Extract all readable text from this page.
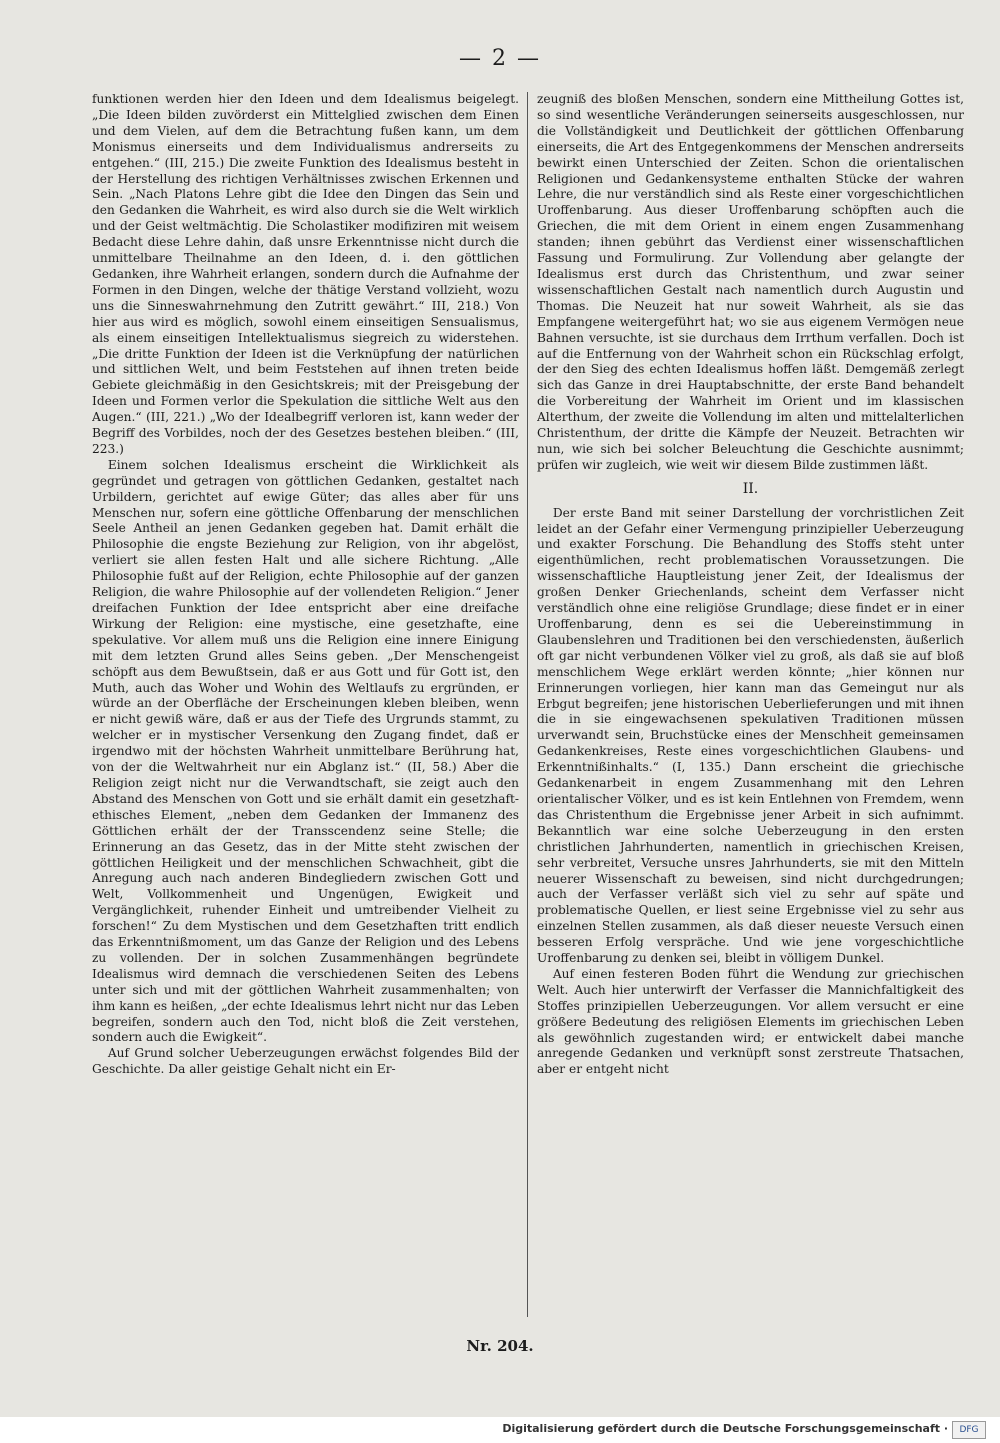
— 2 —

funktionen werden hier den Ideen und dem Idealismus beigelegt. „Die Ideen bilden zuvörderst ein Mittelglied zwischen dem Einen und dem Vielen, auf dem die Betrachtung fußen kann, um dem Monismus einerseits und dem Individualismus andrerseits zu entgehen.“ (III, 215.) Die zweite Funktion des Idealismus besteht in der Herstellung des richtigen Verhältnisses zwischen Erkennen und Sein. „Nach Platons Lehre gibt die Idee den Dingen das Sein und den Gedanken die Wahrheit, es wird also durch sie die Welt wirklich und der Geist weltmächtig. Die Scholastiker modifiziren mit weisem Bedacht diese Lehre dahin, daß unsre Erkenntnisse nicht durch die unmittelbare Theilnahme an den Ideen, d. i. den göttlichen Gedanken, ihre Wahrheit erlangen, sondern durch die Aufnahme der Formen in den Dingen, welche der thätige Verstand vollzieht, wozu uns die Sinneswahrnehmung den Zutritt gewährt.“ III, 218.) Von hier aus wird es möglich, sowohl einem einseitigen Sensualismus, als einem einseitigen Intellektualismus siegreich zu widerstehen. „Die dritte Funktion der Ideen ist die Verknüpfung der natürlichen und sittlichen Welt, und beim Feststehen auf ihnen treten beide Gebiete gleichmäßig in den Gesichtskreis; mit der Preisgebung der Ideen und Formen verlor die Spekulation die sittliche Welt aus den Augen.“ (III, 221.) „Wo der Idealbegriff verloren ist, kann weder der Begriff des Vorbildes, noch der des Gesetzes bestehen bleiben.“ (III, 223.)

Einem solchen Idealismus erscheint die Wirklichkeit als gegründet und getragen von göttlichen Gedanken, gestaltet nach Urbildern, gerichtet auf ewige Güter; das alles aber für uns Menschen nur, sofern eine göttliche Offenbarung der menschlichen Seele Antheil an jenen Gedanken gegeben hat. Damit erhält die Philosophie die engste Beziehung zur Religion, von ihr abgelöst, verliert sie allen festen Halt und alle sichere Richtung. „Alle Philosophie fußt auf der Religion, echte Philosophie auf der ganzen Religion, die wahre Philosophie auf der vollendeten Religion.“ Jener dreifachen Funktion der Idee entspricht aber eine dreifache Wirkung der Religion: eine mystische, eine gesetzhafte, eine spekulative. Vor allem muß uns die Religion eine innere Einigung mit dem letzten Grund alles Seins geben. „Der Menschengeist schöpft aus dem Bewußtsein, daß er aus Gott und für Gott ist, den Muth, auch das Woher und Wohin des Weltlaufs zu ergründen, er würde an der Oberfläche der Erscheinungen kleben bleiben, wenn er nicht gewiß wäre, daß er aus der Tiefe des Urgrunds stammt, zu welcher er in mystischer Versenkung den Zugang findet, daß er irgendwo mit der höchsten Wahrheit unmittelbare Berührung hat, von der die Weltwahrheit nur ein Abglanz ist.“ (II, 58.) Aber die Religion zeigt nicht nur die Verwandtschaft, sie zeigt auch den Abstand des Menschen von Gott und sie erhält damit ein gesetzhaft-ethisches Element, „neben dem Gedanken der Immanenz des Göttlichen erhält der der Transscendenz seine Stelle; die Erinnerung an das Gesetz, das in der Mitte steht zwischen der göttlichen Heiligkeit und der menschlichen Schwachheit, gibt die Anregung auch nach anderen Bindegliedern zwischen Gott und Welt, Vollkommenheit und Ungenügen, Ewigkeit und Vergänglichkeit, ruhender Einheit und umtreibender Vielheit zu forschen!“ Zu dem Mystischen und dem Gesetzhaften tritt endlich das Erkenntnißmoment, um das Ganze der Religion und des Lebens zu vollenden. Der in solchen Zusammenhängen begründete Idealismus wird demnach die verschiedenen Seiten des Lebens unter sich und mit der göttlichen Wahrheit zusammenhalten; von ihm kann es heißen, „der echte Idealismus lehrt nicht nur das Leben begreifen, sondern auch den Tod, nicht bloß die Zeit verstehen, sondern auch die Ewigkeit“.

Auf Grund solcher Ueberzeugungen erwächst folgendes Bild der Geschichte. Da aller geistige Gehalt nicht ein Er-

zeugniß des bloßen Menschen, sondern eine Mittheilung Gottes ist, so sind wesentliche Veränderungen seinerseits ausgeschlossen, nur die Vollständigkeit und Deutlichkeit der göttlichen Offenbarung einerseits, die Art des Entgegenkommens der Menschen andrerseits bewirkt einen Unterschied der Zeiten. Schon die orientalischen Religionen und Gedankensysteme enthalten Stücke der wahren Lehre, die nur verständlich sind als Reste einer vorgeschichtlichen Uroffenbarung. Aus dieser Uroffenbarung schöpften auch die Griechen, die mit dem Orient in einem engen Zusammenhang standen; ihnen gebührt das Verdienst einer wissenschaftlichen Fassung und Formulirung. Zur Vollendung aber gelangte der Idealismus erst durch das Christenthum, und zwar seiner wissenschaftlichen Gestalt nach namentlich durch Augustin und Thomas. Die Neuzeit hat nur soweit Wahrheit, als sie das Empfangene weitergeführt hat; wo sie aus eigenem Vermögen neue Bahnen versuchte, ist sie durchaus dem Irrthum verfallen. Doch ist auf die Entfernung von der Wahrheit schon ein Rückschlag erfolgt, der den Sieg des echten Idealismus hoffen läßt. Demgemäß zerlegt sich das Ganze in drei Hauptabschnitte, der erste Band behandelt die Vorbereitung der Wahrheit im Orient und im klassischen Alterthum, der zweite die Vollendung im alten und mittelalterlichen Christenthum, der dritte die Kämpfe der Neuzeit. Betrachten wir nun, wie sich bei solcher Beleuchtung die Geschichte ausnimmt; prüfen wir zugleich, wie weit wir diesem Bilde zustimmen läßt.

II.

Der erste Band mit seiner Darstellung der vorchristlichen Zeit leidet an der Gefahr einer Vermengung prinzipieller Ueberzeugung und exakter Forschung. Die Behandlung des Stoffs steht unter eigenthümlichen, recht problematischen Voraussetzungen. Die wissenschaftliche Hauptleistung jener Zeit, der Idealismus der großen Denker Griechenlands, scheint dem Verfasser nicht verständlich ohne eine religiöse Grundlage; diese findet er in einer Uroffenbarung, denn es sei die Uebereinstimmung in Glaubenslehren und Traditionen bei den verschiedensten, äußerlich oft gar nicht verbundenen Völker viel zu groß, als daß sie auf bloß menschlichem Wege erklärt werden könnte; „hier können nur Erinnerungen vorliegen, hier kann man das Gemeingut nur als Erbgut begreifen; jene historischen Ueberlieferungen und mit ihnen die in sie eingewachsenen spekulativen Traditionen müssen urverwandt sein, Bruchstücke eines der Menschheit gemeinsamen Gedankenkreises, Reste eines vorgeschichtlichen Glaubens- und Erkenntnißinhalts.“ (I, 135.) Dann erscheint die griechische Gedankenarbeit in engem Zusammenhang mit den Lehren orientalischer Völker, und es ist kein Entlehnen von Fremdem, wenn das Christenthum die Ergebnisse jener Arbeit in sich aufnimmt. Bekanntlich war eine solche Ueberzeugung in den ersten christlichen Jahrhunderten, namentlich in griechischen Kreisen, sehr verbreitet, Versuche unsres Jahrhunderts, sie mit den Mitteln neuerer Wissenschaft zu beweisen, sind nicht durchgedrungen; auch der Verfasser verläßt sich viel zu sehr auf späte und problematische Quellen, er liest seine Ergebnisse viel zu sehr aus einzelnen Stellen zusammen, als daß dieser neueste Versuch einen besseren Erfolg verspräche. Und wie jene vorgeschichtliche Uroffenbarung zu denken sei, bleibt in völligem Dunkel.

Auf einen festeren Boden führt die Wendung zur griechischen Welt. Auch hier unterwirft der Verfasser die Mannichfaltigkeit des Stoffes prinzipiellen Ueberzeugungen. Vor allem versucht er eine größere Bedeutung des religiösen Elements im griechischen Leben als gewöhnlich zugestanden wird; er entwickelt dabei manche anregende Gedanken und verknüpft sonst zerstreute Thatsachen, aber er entgeht nicht

Nr. 204.
Digitalisierung gefördert durch die Deutsche Forschungsgemeinschaft ·	DFG
